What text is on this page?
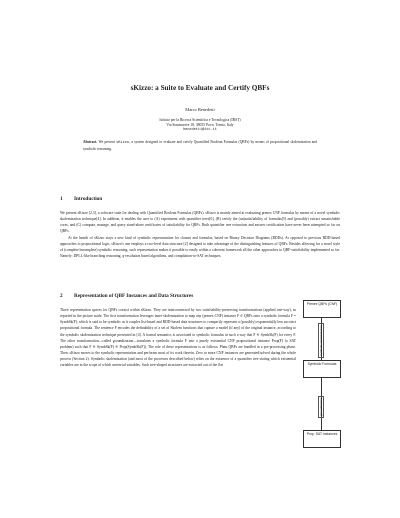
sKizzo: a Suite to Evaluate and Certify QBFs
Marco Benedetti
Istituto per la Ricerca Scientifica e Tecnologica (IRST)
Via Sommarive 18, 38055 Povo, Trento, Italy
benedetti@itc.it
Abstract. We present sKizzo, a system designed to evaluate and certify Quantified Boolean Formulas (QBFs) by means of propositional skolemization and symbolic reasoning.
1 Introduction

We present sKizzo [2,3], a software suite for dealing with Quantified Boolean Formulas (QBFs). sKizzo is mainly aimed at evaluating prenex CNF formulas by means of a novel symbolic skolemization technique[4]. In addition, it enables the user to (A) experiment with quantifier trees[6], (B) certify the (un)satisfiability of formulas[5] and (possibly) extract unsatisfiable cores, and (C) compute, manage, and query stand-alone certificates of satisfiability for QBFs. Both quantifier tree extraction and answer certification have never been attempted so far on QBFs.

At the hearth of sKizzo stays a new kind of symbolic representation for clauses and formulas, based on Binary Decision Diagrams (BDDs). As opposed to previous BDD-based approaches to propositional logic, sKizzo's one employs a two-level data structure [2] designed to take advantage of the distinguishing features of QBFs. Besides allowing for a novel style of (complete/incomplete) symbolic reasoning, such representation makes it possible to easily within a coherent framework all the other approaches to QBF-satisfiability implemented so far. Namely: DPLL-like branching reasoning, q-resolution based algorithms, and compilation-to-SAT techniques.

2 Representation of QBF Instances and Data Structures

Three representation spaces for QBFs coexist within sKizzo. They are interconnected by two satisfiability-preserving transformations (applied one-way), as reported in the picture aside. The first transformation leverages inner skolemization to map any (prenex CNF) instance F ∈ QBFs onto a symbolic formula F = SymbSk(F), which is said to be symbolic as it couples list-based and BDD-based data structures to compactly represent a (possibly) exponentially less succinct propositional formula. The sentence F encodes the definability of a set of Skolem functions that capture a model (if any) of the original instance, according to the symbolic skolemization technique presented in [4]. A formal semantics is associated to symbolic formulas in such a way that F ≝ SymbSk(F) for every F. The other transformation—called groundization—translates a symbolic formula F into a purely existential CNF propositional instance Prop(F) (a SAT problem) such that F ≝ SymbSk(F) ≝ Prop(SymbSk(F)). The role of these representations is as follows: Plain QBFs are handled in a pre-processing phase. Then, sKizzo moves to the symbolic representation and performs most of its work therein. Zero or more CNF instances are generated/solved during the whole process (Section 2). Symbolic skolemization (and most of the processes described below) relies on the existence of a quantifier tree stating which existential variables are in the scope of which universal variables. Such tree-shaped structures are extracted out of the flat

Prenex QBFs (CNF)
symbolic skolemization
Symbolic Formulas
groundization
Prop. SAT instances
